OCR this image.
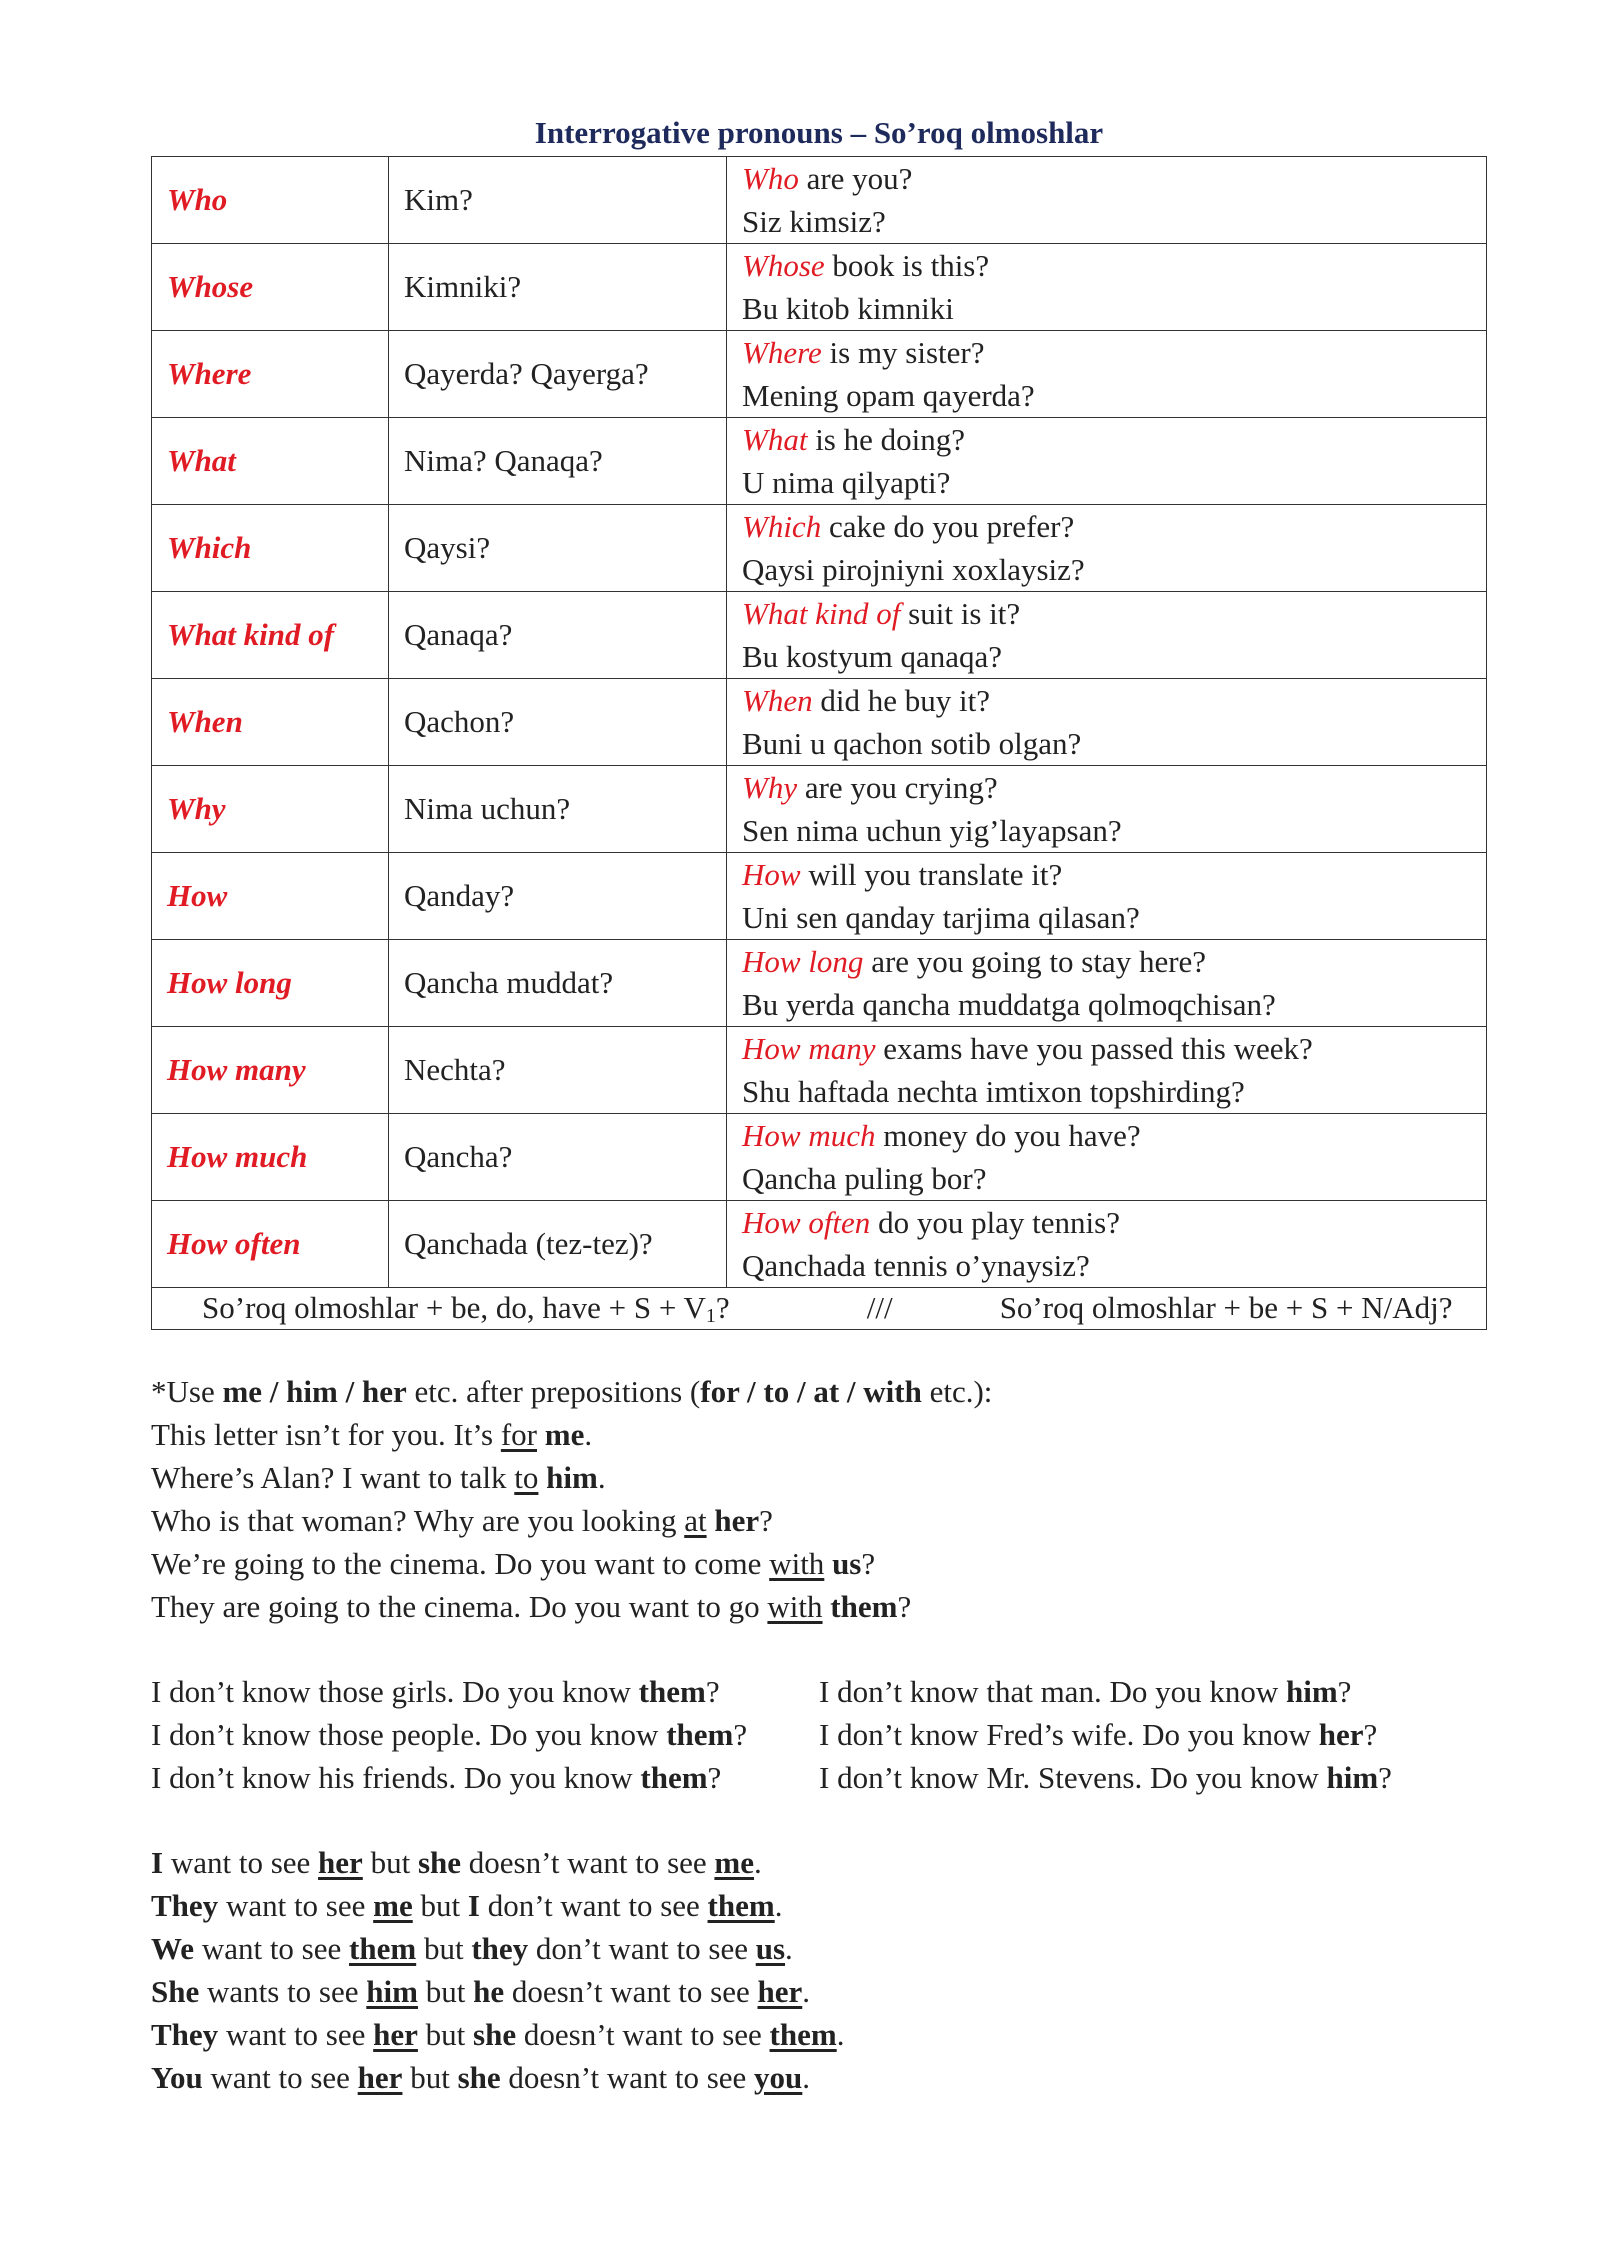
Interrogative pronouns – So’roq olmoshlar
Who	Kim?	Who are you?
Siz kimsiz?

Whose	Kimniki?	Whose book is this?
Bu kitob kimniki

Where	Qayerda? Qayerga?	Where is my sister?
Mening opam qayerda?

What	Nima? Qanaqa?	What is he doing?
U nima qilyapti?

Which	Qaysi?	Which cake do you prefer?
Qaysi pirojniyni xoxlaysiz?

What kind of	Qanaqa?	What kind of suit is it?
Bu kostyum qanaqa?

When	Qachon?	When did he buy it?
Buni u qachon sotib olgan?

Why	Nima uchun?	Why are you crying?
Sen nima uchun yig’layapsan?

How	Qanday?	How will you translate it?
Uni sen qanday tarjima qilasan?

How long	Qancha muddat?	How long are you going to stay here?
Bu yerda qancha muddatga qolmoqchisan?

How many	Nechta?	How many exams have you passed this week?
Shu haftada nechta imtixon topshirding?

How much	Qancha?	How much money do you have?
Qancha puling bor?

How often	Qanchada (tez-tez)?	How often do you play tennis?
Qanchada tennis o’ynaysiz?

So’roq olmoshlar + be, do, have + $S + V_1$? /// So’roq olmoshlar + be + S + N/Adj?		
*Use me / him / her etc. after prepositions (for / to / at / with etc.):
This letter isn’t for you. It’s for me.
Where’s Alan? I want to talk to him.
Who is that woman? Why are you looking at her?
We’re going to the cinema. Do you want to come with us?
They are going to the cinema. Do you want to go with them?
I don’t know those girls. Do you know them?
I don’t know those people. Do you know them?
I don’t know his friends. Do you know them?
I don’t know that man. Do you know him?
I don’t know Fred’s wife. Do you know her?
I don’t know Mr. Stevens. Do you know him?
I want to see her but she doesn’t want to see me.
They want to see me but I don’t want to see them.
We want to see them but they don’t want to see us.
She wants to see him but he doesn’t want to see her.
They want to see her but she doesn’t want to see them.
You want to see her but she doesn’t want to see you.
